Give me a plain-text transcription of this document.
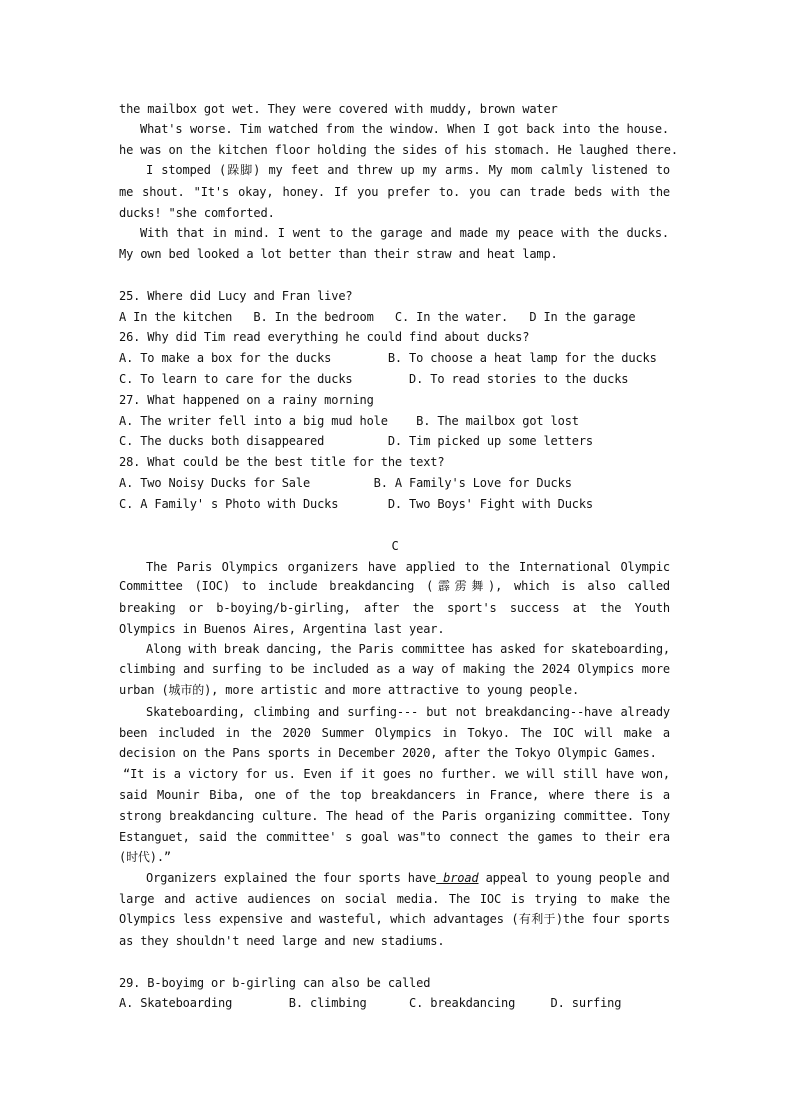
the mailbox got wet. They were covered with muddy, brown water
What's worse. Tim watched from the window. When I got back into the house.
he was on the kitchen floor holding the sides of his stomach. He laughed there.
I stomped (跺脚) my feet and threw up my arms. My mom calmly listened to
me shout. "It's okay, honey. If you prefer to. you can trade beds with the
ducks! "she comforted.
With that in mind. I went to the garage and made my peace with the ducks.
My own bed looked a lot better than their straw and heat lamp.
25. Where did Lucy and Fran live?
A In the kitchen   B. In the bedroom   C. In the water.   D In the garage
26. Why did Tim read everything he could find about ducks?
A. To make a box for the ducks        B. To choose a heat lamp for the ducks
C. To learn to care for the ducks        D. To read stories to the ducks
27. What happened on a rainy morning
A. The writer fell into a big mud hole    B. The mailbox got lost
C. The ducks both disappeared         D. Tim picked up some letters
28. What could be the best title for the text?
A. Two Noisy Ducks for Sale         B. A Family's Love for Ducks
C. A Family' s Photo with Ducks       D. Two Boys' Fight with Ducks
C
The Paris Olympics organizers have applied to the International Olympic
Committee (IOC) to include breakdancing (霹雳舞), which is also called
breaking or b-boying/b-girling, after the sport's success at the Youth
Olympics in Buenos Aires, Argentina last year.
Along with break dancing, the Paris committee has asked for skateboarding,
climbing and surfing to be included as a way of making the 2024 Olympics more
urban (城市的), more artistic and more attractive to young people.
Skateboarding, climbing and surfing--- but not breakdancing--have already
been included in the 2020 Summer Olympics in Tokyo. The IOC will make a
decision on the Pans sports in December 2020, after the Tokyo Olympic Games.
“It is a victory for us. Even if it goes no further. we will still have won,
said Mounir Biba, one of the top breakdancers in France, where there is a
strong breakdancing culture. The head of the Paris organizing committee. Tony
Estanguet, said the committee' s goal was"to connect the games to their era
(时代).”
Organizers explained the four sports have broad appeal to young people and
large and active audiences on social media. The IOC is trying to make the
Olympics less expensive and wasteful, which advantages (有利于)the four sports
as they shouldn't need large and new stadiums.
29. B-boyimg or b-girling can also be called
A. Skateboarding        B. climbing      C. breakdancing     D. surfing
